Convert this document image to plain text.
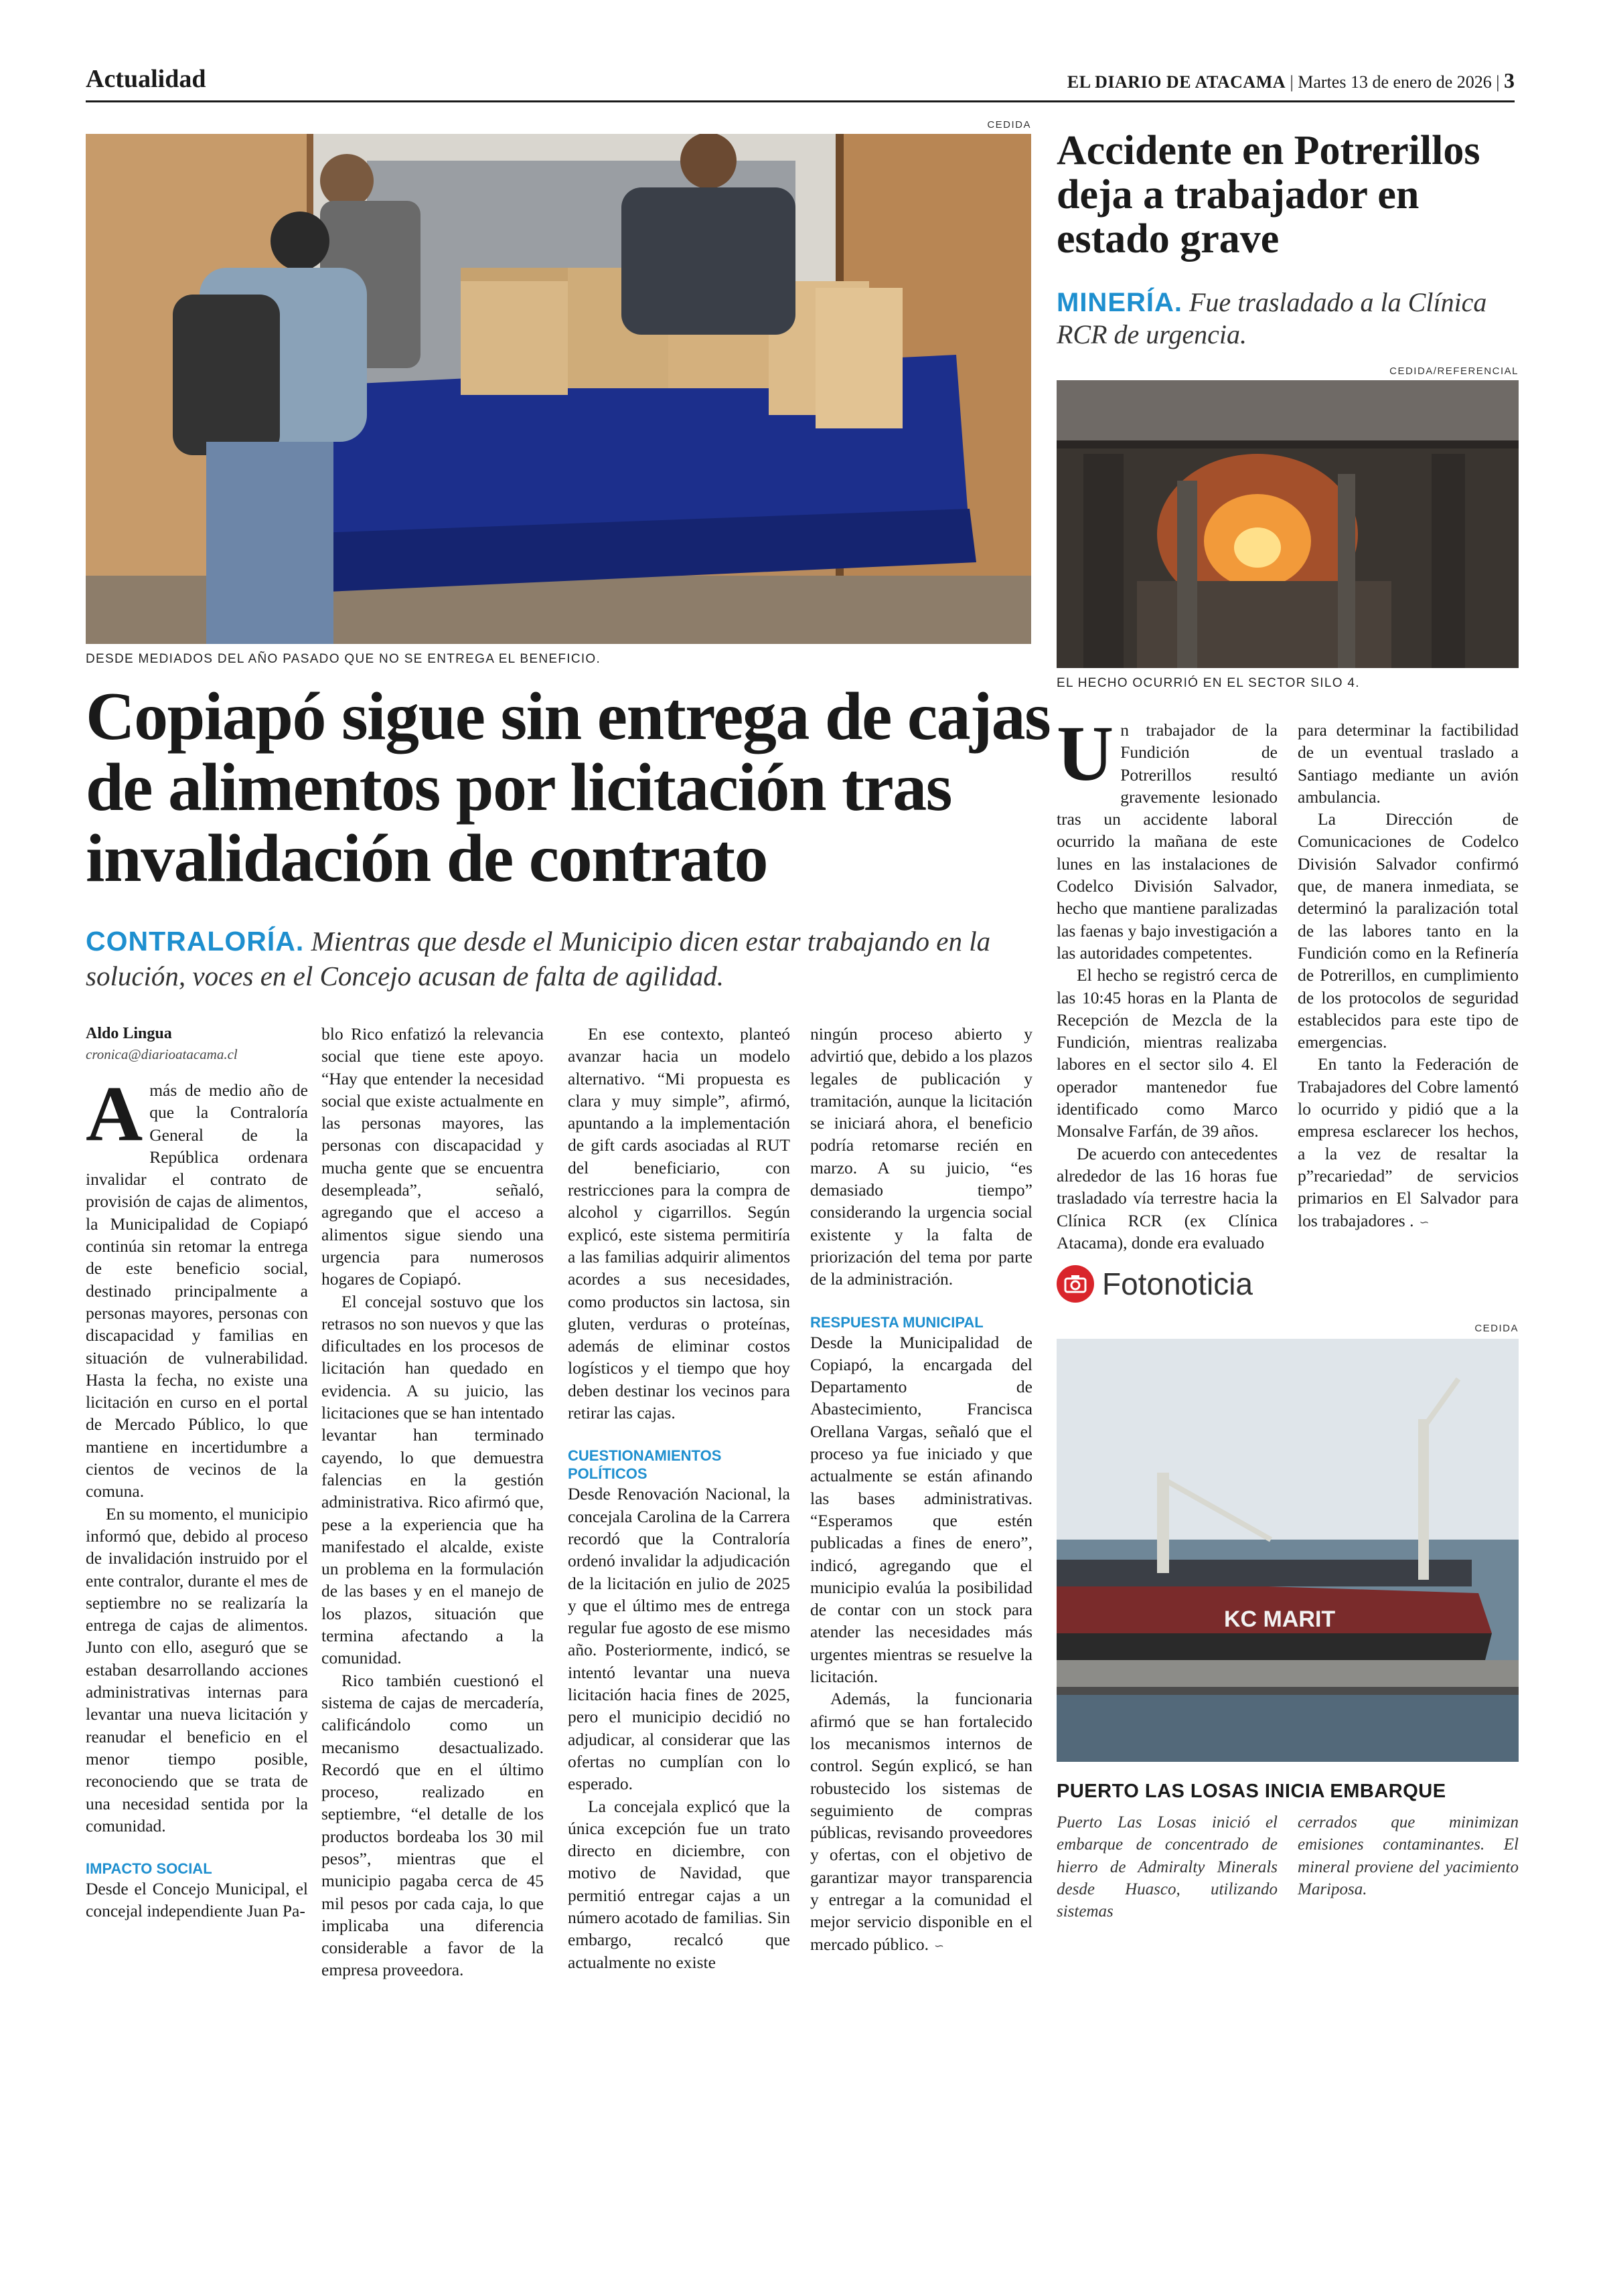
Actualidad	EL DIARIO DE ATACAMA | Martes 13 de enero de 2026 | 3
CEDIDA
DESDE MEDIADOS DEL AÑO PASADO QUE NO SE ENTREGA EL BENEFICIO.
Copiapó sigue sin entrega de cajas de alimentos por licitación tras invalidación de contrato
CONTRALORÍA. Mientras que desde el Municipio dicen estar trabajando en la solución, voces en el Concejo acusan de falta de agilidad.
Aldo Lingua
cronica@diarioatacama.cl

Amás de medio año de que la Contraloría General de la República ordenara invalidar el contrato de provisión de cajas de alimentos, la Municipalidad de Copiapó continúa sin retomar la entrega de este beneficio social, destinado principalmente a personas mayores, personas con discapacidad y familias en situación de vulnerabilidad. Hasta la fecha, no existe una licitación en curso en el portal de Mercado Público, lo que mantiene en incertidumbre a cientos de vecinos de la comuna.

En su momento, el municipio informó que, debido al proceso de invalidación instruido por el ente contralor, durante el mes de septiembre no se realizaría la entrega de cajas de alimentos. Junto con ello, aseguró que se estaban desarrollando acciones administrativas internas para levantar una nueva licitación y reanudar el beneficio en el menor tiempo posible, reconociendo que se trata de una necesidad sentida por la comunidad.

IMPACTO SOCIAL

Desde el Concejo Municipal, el concejal independiente Juan Pa-

blo Rico enfatizó la relevancia social que tiene este apoyo. “Hay que entender la necesidad social que existe actualmente en las personas mayores, las personas con discapacidad y mucha gente que se encuentra desempleada”, señaló, agregando que el acceso a alimentos sigue siendo una urgencia para numerosos hogares de Copiapó.

El concejal sostuvo que los retrasos no son nuevos y que las dificultades en los procesos de licitación han quedado en evidencia. A su juicio, las licitaciones que se han intentado levantar han terminado cayendo, lo que demuestra falencias en la gestión administrativa. Rico afirmó que, pese a la experiencia que ha manifestado el alcalde, existe un problema en la formulación de las bases y en el manejo de los plazos, situación que termina afectando a la comunidad.

Rico también cuestionó el sistema de cajas de mercadería, calificándolo como un mecanismo desactualizado. Recordó que en el último proceso, realizado en septiembre, “el detalle de los productos bordeaba los 30 mil pesos”, mientras que el municipio pagaba cerca de 45 mil pesos por cada caja, lo que implicaba una diferencia considerable a favor de la empresa proveedora.

En ese contexto, planteó avanzar hacia un modelo alternativo. “Mi propuesta es clara y muy simple”, afirmó, apuntando a la implementación de gift cards asociadas al RUT del beneficiario, con restricciones para la compra de alcohol y cigarrillos. Según explicó, este sistema permitiría a las familias adquirir alimentos acordes a sus necesidades, como productos sin lactosa, sin gluten, verduras o proteínas, además de eliminar costos logísticos y el tiempo que hoy deben destinar los vecinos para retirar las cajas.

CUESTIONAMIENTOS POLÍTICOS

Desde Renovación Nacional, la concejala Carolina de la Carrera recordó que la Contraloría ordenó invalidar la adjudicación de la licitación en julio de 2025 y que el último mes de entrega regular fue agosto de ese mismo año. Posteriormente, indicó, se intentó levantar una nueva licitación hacia fines de 2025, pero el municipio decidió no adjudicar, al considerar que las ofertas no cumplían con lo esperado.

La concejala explicó que la única excepción fue un trato directo en diciembre, con motivo de Navidad, que permitió entregar cajas a un número acotado de familias. Sin embargo, recalcó que actualmente no existe

ningún proceso abierto y advirtió que, debido a los plazos legales de publicación y tramitación, aunque la licitación se iniciará ahora, el beneficio podría retomarse recién en marzo. A su juicio, “es demasiado tiempo” considerando la urgencia social existente y la falta de priorización del tema por parte de la administración.

RESPUESTA MUNICIPAL

Desde la Municipalidad de Copiapó, la encargada del Departamento de Abastecimiento, Francisca Orellana Vargas, señaló que el proceso ya fue iniciado y que actualmente se están afinando las bases administrativas. “Esperamos que estén publicadas a fines de enero”, indicó, agregando que el municipio evalúa la posibilidad de contar con un stock para atender las necesidades más urgentes mientras se resuelve la licitación.

Además, la funcionaria afirmó que se han fortalecido los mecanismos internos de control. Según explicó, se han robustecido los sistemas de seguimiento de compras públicas, revisando proveedores y ofertas, con el objetivo de garantizar mayor transparencia y entregar a la comunidad el mejor servicio disponible en el mercado público. ∽

Accidente en Potrerillos deja a trabajador en estado grave
MINERÍA. Fue trasladado a la Clínica RCR de urgencia.
CEDIDA/REFERENCIAL
EL HECHO OCURRIÓ EN EL SECTOR SILO 4.

Un trabajador de la Fundición de Potrerillos resultó gravemente lesionado tras un accidente laboral ocurrido la mañana de este lunes en las instalaciones de Codelco División Salvador, hecho que mantiene paralizadas las faenas y bajo investigación a las autoridades competentes.

El hecho se registró cerca de las 10:45 horas en la Planta de Recepción de Mezcla de la Fundición, mientras realizaba labores en el sector silo 4. El operador mantenedor fue identificado como Marco Monsalve Farfán, de 39 años.

De acuerdo con antecedentes alrededor de las 16 horas fue trasladado vía terrestre hacia la Clínica RCR (ex Clínica Atacama), donde era evaluado

para determinar la factibilidad de un eventual traslado a Santiago mediante un avión ambulancia.

La Dirección de Comunicaciones de Codelco División Salvador confirmó que, de manera inmediata, se determinó la paralización total de las labores tanto en la Fundición como en la Refinería de Potrerillos, en cumplimiento de los protocolos de seguridad establecidos para este tipo de emergencias.

En tanto la Federación de Trabajadores del Cobre lamentó lo ocurrido y pidió que a la empresa esclarecer los hechos, a la vez de resaltar la p”recariedad” de servicios primarios en El Salvador para los trabajadores . ∽

Fotonoticia
CEDIDA
KC MARIT
PUERTO LAS LOSAS INICIA EMBARQUE
Puerto Las Losas inició el embarque de concentrado de hierro de Admiralty Minerals desde Huasco, utilizando sistemas
cerrados que minimizan emisiones contaminantes. El mineral proviene del yacimiento Mariposa.
